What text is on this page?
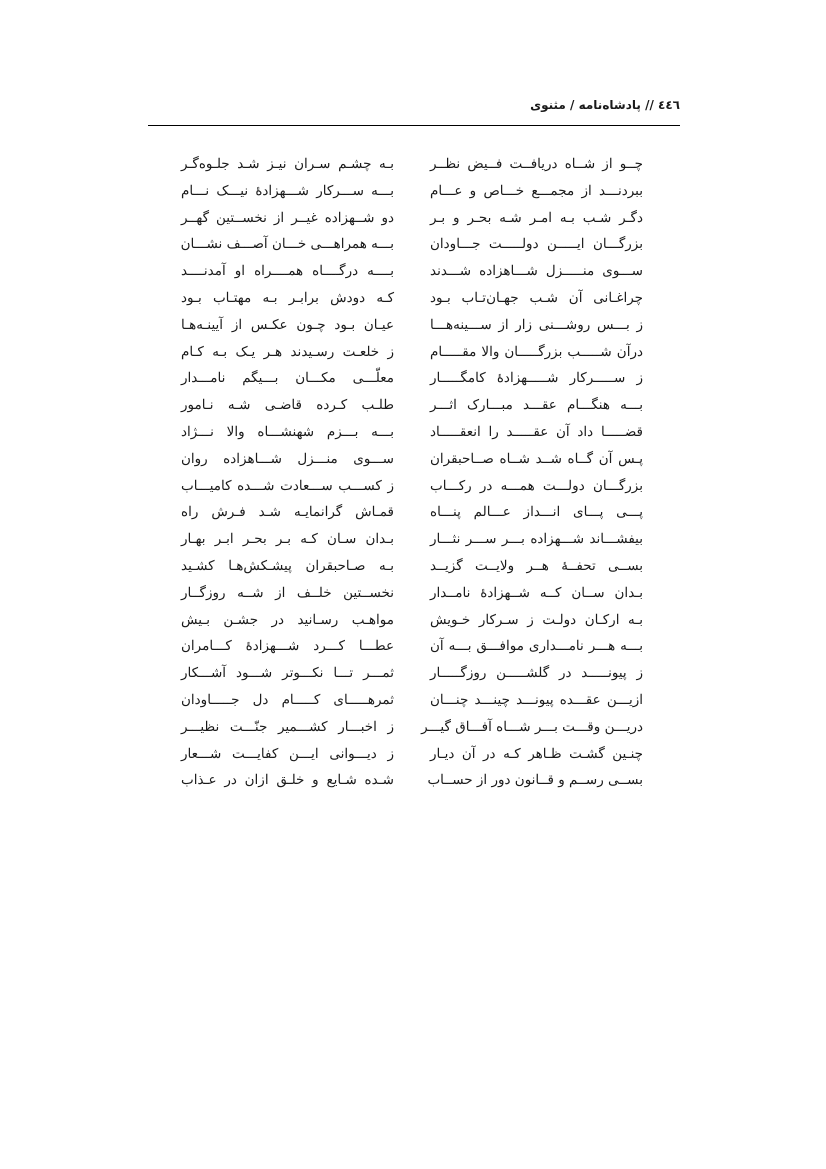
٤٤٦ // پادشاه‌نامه / مثنوی
چــو از شــاه دریافــت فــیض نظــر
ببردنـــد از مجمـــع خـــاص و عـــام
دگـر شـب بـه امـر شـه بحـر و بـر
بزرگـــان ایـــــن دولـــــت جـــاودان
ســـوی منـــــزل شـــاهزاده شـــدند
چراغـانی آن شـب جهـان‌تـاب بـود
ز بـــس روشـــنی زار از ســـینه‌هـــا
درآن شـــــب بزرگـــــان والا مقـــــام
ز ســـــرکار شـــــهزادهٔ کامگـــــار
بـــه هنگـــام عقـــد مبـــارک اثـــر
قضـــــا داد آن عقـــــد را انعقـــــاد
پـس آن گــاه شــد شــاه صــاحبقران
بزرگـــان دولـــت همـــه در رکـــاب
پـــی پـــای انـــداز عـــالم پنـــاه
بیفشـــاند شـــهزاده بـــر ســـر نثـــار
بســی تحفــهٔ هــر ولایــت گزیــد
بـدان ســان کــه شــهزادهٔ نامــدار
بـه ارکـان دولـت ز سـرکار خـویش
بـــه هـــر نامـــداری موافـــق بـــه آن
ز پیونـــــد در گلشـــــن روزگـــــار
ازیـــن عقـــده پیونـــد چینـــد چنـــان
دریـــن وقـــت بـــر شـــاه آفـــاق گیـــر
چنـین گشـت ظـاهر کـه در آن دیـار
بســی رســم و قــانون دور از حســاب
بـه چشـم سـران نیـز شـد جلـوه‌گـر
بـــه ســـرکار شـــهزادهٔ نیـــک نـــام
دو شــهزاده غیــر از نخســتین گهــر
بـــه همراهـــی خـــان آصـــف نشـــان
بــــه درگــــاه همــــراه او آمدنــــد
کـه دودش برابـر بـه مهتـاب بـود
عیـان بـود چـون عکـس از آیینـه‌هـا
ز خلعـت رسـیدند هـر یـک بـه کـام
معلّـــی مکـــان بـــیگم نامـــدار
طلـب کـرده قاضـی شـه نـامور
بـــه بـــزم شهنشـــاه والا نـــژاد
ســـوی منـــزل شـــاهزاده روان
ز کســـب ســـعادت شـــده کامیـــاب
قمـاش گرانمایـه شـد فـرش راه
بـدان سـان کـه بـر بحـر ابـر بهـار
بـه صـاحبقران پیشـکش‌هـا کشـید
نخســتین خلــف از شــه روزگــار
مواهـب رسـانید در جشـن بـیش
عطـــا کـــرد شـــهزادهٔ کـــامران
ثمـــر تـــا نکـــوتر شـــود آشـــکار
ثمرهـــــای کـــــام دل جـــــاودان
ز اخبـــار کشـــمیر جنّـــت نظیـــر
ز دیـــوانی ایـــن کفایـــت شـــعار
شـده شـایع و خلـق ازان در عـذاب
